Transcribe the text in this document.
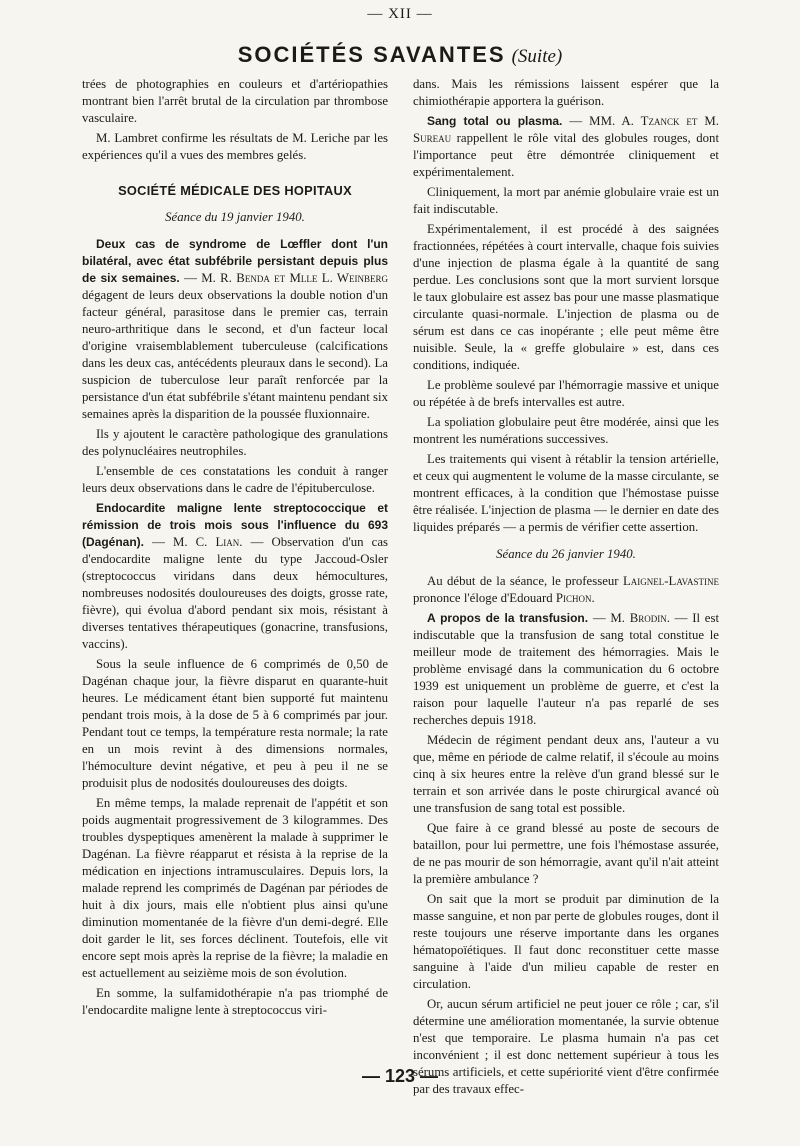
— XII —
SOCIÉTÉS SAVANTES (Suite)

trées de photographies en couleurs et d'artériopathies montrant bien l'arrêt brutal de la circulation par thrombose vasculaire.

M. Lambret confirme les résultats de M. Leriche par les expériences qu'il a vues des membres gelés.

SOCIÉTÉ MÉDICALE DES HOPITAUX

Séance du 19 janvier 1940.

Deux cas de syndrome de Lœffler dont l'un bilatéral, avec état subfébrile persistant depuis plus de six semaines. — M. R. Benda et Mlle L. Weinberg dégagent de leurs deux observations la double notion d'un facteur général, parasitose dans le premier cas, terrain neuro-arthritique dans le second, et d'un facteur local d'origine vraisemblablement tuberculeuse (calcifications dans les deux cas, antécédents pleuraux dans le second). La suspicion de tuberculose leur paraît renforcée par la persistance d'un état subfébrile s'étant maintenu pendant six semaines après la disparition de la poussée fluxionnaire.

Ils y ajoutent le caractère pathologique des granulations des polynucléaires neutrophiles.

L'ensemble de ces constatations les conduit à ranger leurs deux observations dans le cadre de l'épituberculose.

Endocardite maligne lente streptococcique et rémission de trois mois sous l'influence du 693 (Dagénan). — M. C. Lian. — Observation d'un cas d'endocardite maligne lente du type Jaccoud-Osler (streptococcus viridans dans deux hémocultures, nombreuses nodosités douloureuses des doigts, grosse rate, fièvre), qui évolua d'abord pendant six mois, résistant à diverses tentatives thérapeutiques (gonacrine, transfusions, vaccins).

Sous la seule influence de 6 comprimés de 0,50 de Dagénan chaque jour, la fièvre disparut en quarante-huit heures. Le médicament étant bien supporté fut maintenu pendant trois mois, à la dose de 5 à 6 comprimés par jour. Pendant tout ce temps, la température resta normale; la rate en un mois revint à des dimensions normales, l'hémoculture devint négative, et peu à peu il ne se produisit plus de nodosités douloureuses des doigts.

En même temps, la malade reprenait de l'appétit et son poids augmentait progressivement de 3 kilogrammes. Des troubles dyspeptiques amenèrent la malade à supprimer le Dagénan. La fièvre réapparut et résista à la reprise de la médication en injections intramusculaires. Depuis lors, la malade reprend les comprimés de Dagénan par périodes de huit à dix jours, mais elle n'obtient plus ainsi qu'une diminution momentanée de la fièvre d'un demi-degré. Elle doit garder le lit, ses forces déclinent. Toutefois, elle vit encore sept mois après la reprise de la fièvre; la maladie en est actuellement au seizième mois de son évolution.

En somme, la sulfamidothérapie n'a pas triomphé de l'endocardite maligne lente à streptococcus viri-

dans. Mais les rémissions laissent espérer que la chimiothérapie apportera la guérison.

Sang total ou plasma. — MM. A. Tzanck et M. Sureau rappellent le rôle vital des globules rouges, dont l'importance peut être démontrée cliniquement et expérimentalement.

Cliniquement, la mort par anémie globulaire vraie est un fait indiscutable.

Expérimentalement, il est procédé à des saignées fractionnées, répétées à court intervalle, chaque fois suivies d'une injection de plasma égale à la quantité de sang perdue. Les conclusions sont que la mort survient lorsque le taux globulaire est assez bas pour une masse plasmatique circulante quasi-normale. L'injection de plasma ou de sérum est dans ce cas inopérante ; elle peut même être nuisible. Seule, la « greffe globulaire » est, dans ces conditions, indiquée.

Le problème soulevé par l'hémorragie massive et unique ou répétée à de brefs intervalles est autre.

La spoliation globulaire peut être modérée, ainsi que les montrent les numérations successives.

Les traitements qui visent à rétablir la tension artérielle, et ceux qui augmentent le volume de la masse circulante, se montrent efficaces, à la condition que l'hémostase puisse être réalisée. L'injection de plasma — le dernier en date des liquides préparés — a permis de vérifier cette assertion.

Séance du 26 janvier 1940.

Au début de la séance, le professeur Laignel-Lavastine prononce l'éloge d'Edouard Pichon.

A propos de la transfusion. — M. Brodin. — Il est indiscutable que la transfusion de sang total constitue le meilleur mode de traitement des hémorragies. Mais le problème envisagé dans la communication du 6 octobre 1939 est uniquement un problème de guerre, et c'est la raison pour laquelle l'auteur n'a pas reparlé de ses recherches depuis 1918.

Médecin de régiment pendant deux ans, l'auteur a vu que, même en période de calme relatif, il s'écoule au moins cinq à six heures entre la relève d'un grand blessé sur le terrain et son arrivée dans le poste chirurgical avancé où une transfusion de sang total est possible.

Que faire à ce grand blessé au poste de secours de bataillon, pour lui permettre, une fois l'hémostase assurée, de ne pas mourir de son hémorragie, avant qu'il n'ait atteint la première ambulance ?

On sait que la mort se produit par diminution de la masse sanguine, et non par perte de globules rouges, dont il reste toujours une réserve importante dans les organes hématopoïétiques. Il faut donc reconstituer cette masse sanguine à l'aide d'un milieu capable de rester en circulation.

Or, aucun sérum artificiel ne peut jouer ce rôle ; car, s'il détermine une amélioration momentanée, la survie obtenue n'est que temporaire. Le plasma humain n'a pas cet inconvénient ; il est donc nettement supérieur à tous les sérums artificiels, et cette supériorité vient d'être confirmée par des travaux effec-

— 123 —
